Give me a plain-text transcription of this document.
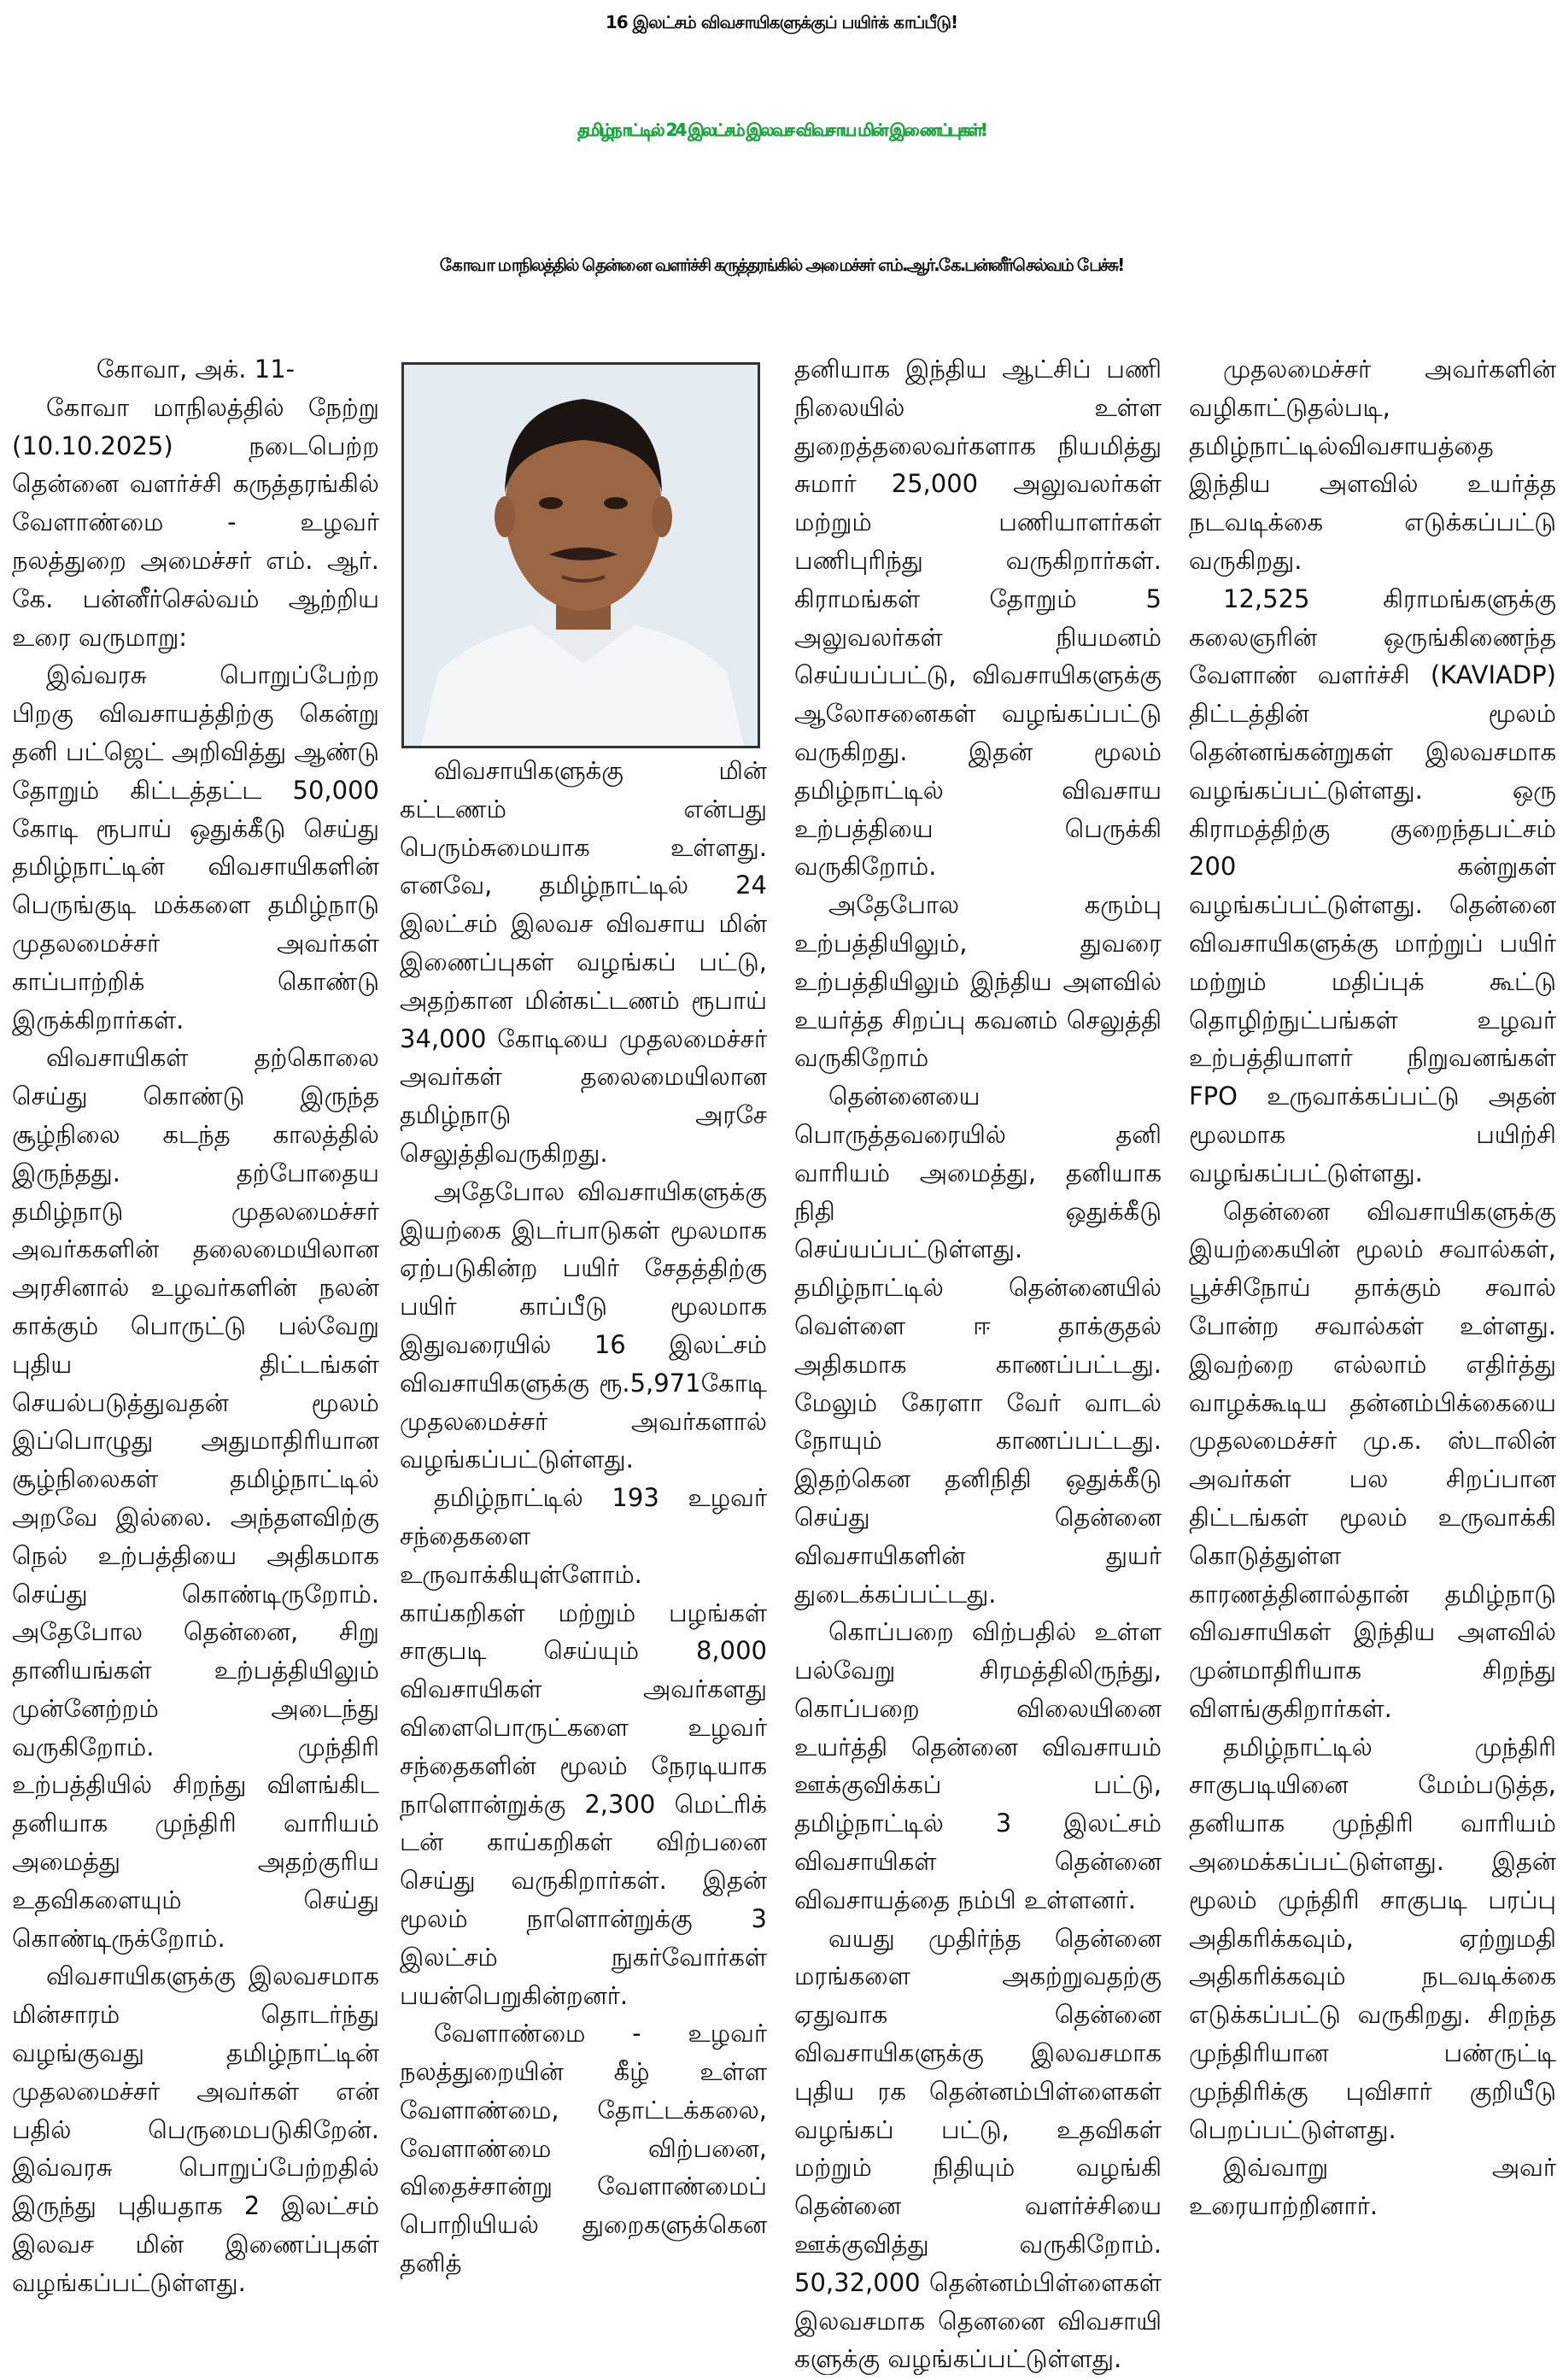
16 இலட்சம் விவசாயிகளுக்குப் பயிர்க் காப்பீடு!
தமிழ்நாட்டில் 24 இலட்சம் இலவச விவசாய மின் இணைப்புகள்!
கோவா மாநிலத்தில் தென்னை வளர்ச்சி கருத்தரங்கில் அமைச்சர் எம்.ஆர்.கே.பன்னீர்செல்வம் பேச்சு!

கோவா, அக். 11-

கோவா மாநிலத்தில் நேற்று (10.10.2025) நடைபெற்ற தென்னை வளர்ச்சி கருத்தரங்கில் வேளாண்மை - உழவர் நலத்துறை அமைச்சர் எம். ஆர். கே. பன்னீர்செல்வம் ஆற்றிய உரை வருமாறு:

இவ்வரசு பொறுப்பேற்ற பிறகு விவசாயத்திற்கு கென்று தனி பட்ஜெட் அறிவித்து ஆண்டு தோறும் கிட்டத்தட்ட 50,000 கோடி ரூபாய் ஒதுக்கீடு செய்து தமிழ்நாட்டின் விவசாயிகளின் பெருங்குடி மக்களை தமிழ்நாடு முதலமைச்சர் அவர்கள் காப்பாற்றிக் கொண்டு இருக்கிறார்கள்.

விவசாயிகள் தற்கொலை செய்து கொண்டு இருந்த சூழ்நிலை கடந்த காலத்தில் இருந்தது. தற்போதைய தமிழ்நாடு முதலமைச்சர் அவர்ககளின் தலைமையிலான அரசினால் உழவர்களின் நலன் காக்கும் பொருட்டு பல்வேறு புதிய திட்டங்கள் செயல்படுத்துவதன் மூலம் இப்பொழுது அதுமாதிரியான சூழ்நிலைகள் தமிழ்நாட்டில் அறவே இல்லை. அந்தளவிற்கு நெல் உற்பத்தியை அதிகமாக செய்து கொண்டிருறோம். அதேபோல தென்னை, சிறு தானியங்கள் உற்பத்தியிலும் முன்னேற்றம் அடைந்து வருகிறோம். முந்திரி உற்பத்தியில் சிறந்து விளங்கிட தனியாக முந்திரி வாரியம் அமைத்து அதற்குரிய உதவிகளையும் செய்து கொண்டிருக்றோம்.

விவசாயிகளுக்கு இலவசமாக மின்சாரம் தொடர்ந்து வழங்குவது தமிழ்நாட்டின் முதலமைச்சர் அவர்கள் என் பதில் பெருமைபடுகிறேன். இவ்வரசு பொறுப்பேற்றதில் இருந்து புதியதாக 2 இலட்சம் இலவச மின் இணைப்புகள் வழங்கப்பட்டுள்ளது.

விவசாயிகளுக்கு மின் கட்டணம் என்பது பெரும்சுமையாக உள்ளது. எனவே, தமிழ்நாட்டில் 24 இலட்சம் இலவச விவசாய மின் இணைப்புகள் வழங்கப் பட்டு, அதற்கான மின்கட்டணம் ரூபாய் 34,000 கோடியை முதலமைச்சர் அவர்கள் தலைமையிலான தமிழ்நாடு அரசே செலுத்திவருகிறது.

அதேபோல விவசாயிகளுக்கு இயற்கை இடர்பாடுகள் மூலமாக ஏற்படுகின்ற பயிர் சேதத்திற்கு பயிர் காப்பீடு மூலமாக இதுவரையில் 16 இலட்சம் விவசாயிகளுக்கு ரூ.5,971கோடி முதலமைச்சர் அவர்களால் வழங்கப்பட்டுள்ளது.

தமிழ்நாட்டில் 193 உழவர் சந்தைகளை உருவாக்கியுள்ளோம். காய்கறிகள் மற்றும் பழங்கள் சாகுபடி செய்யும் 8,000 விவசாயிகள் அவர்களது விளைபொருட்களை உழவர் சந்தைகளின் மூலம் நேரடியாக நாளொன்றுக்கு 2,300 மெட்ரிக் டன் காய்கறிகள் விற்பனை செய்து வருகிறார்கள். இதன் மூலம் நாளொன்றுக்கு 3 இலட்சம் நுகர்வோர்கள் பயன்பெறுகின்றனர்.

வேளாண்மை - உழவர் நலத்துறையின் கீழ் உள்ள வேளாண்மை, தோட்டக்கலை, வேளாண்மை விற்பனை, விதைச்சான்று வேளாண்மைப் பொறியியல் துறைகளுக்கென தனித்

தனியாக இந்திய ஆட்சிப் பணி நிலையில் உள்ள துறைத்தலைவர்களாக நியமித்து சுமார் 25,000 அலுவலர்கள் மற்றும் பணியாளர்கள் பணிபுரிந்து வருகிறார்கள். கிராமங்கள் தோறும் 5 அலுவலர்கள் நியமனம் செய்யப்பட்டு, விவசாயிகளுக்கு ஆலோசனைகள் வழங்கப்பட்டு வருகிறது. இதன் மூலம் தமிழ்நாட்டில் விவசாய உற்பத்தியை பெருக்கி வருகிறோம்.

அதேபோல கரும்பு உற்பத்தியிலும், துவரை உற்பத்தியிலும் இந்திய அளவில் உயர்த்த சிறப்பு கவனம் செலுத்தி வருகிறோம்

தென்னையை பொருத்தவரையில் தனி வாரியம் அமைத்து, தனியாக நிதி ஒதுக்கீடு செய்யப்பட்டுள்ளது. தமிழ்நாட்டில் தென்னையில் வெள்ளை ஈ தாக்குதல் அதிகமாக காணப்பட்டது. மேலும் கேரளா வேர் வாடல் நோயும் காணப்பட்டது. இதற்கென தனிநிதி ஒதுக்கீடு செய்து தென்னை விவசாயிகளின் துயர் துடைக்கப்பட்டது.

கொப்பறை விற்பதில் உள்ள பல்வேறு சிரமத்திலிருந்து, கொப்பறை விலையினை உயர்த்தி தென்னை விவசாயம் ஊக்குவிக்கப் பட்டு, தமிழ்நாட்டில் 3 இலட்சம் விவசாயிகள் தென்னை விவசாயத்தை நம்பி உள்ளனர்.

வயது முதிர்ந்த தென்னை மரங்களை அகற்றுவதற்கு ஏதுவாக தென்னை விவசாயிகளுக்கு இலவசமாக புதிய ரக தென்னம்பிள்ளைகள் வழங்கப் பட்டு, உதவிகள் மற்றும் நிதியும் வழங்கி தென்னை வளர்ச்சியை ஊக்குவித்து வருகிறோம். 50,32,000 தென்னம்பிள்ளைகள் இலவசமாக தெனனை விவசாயி களுக்கு வழங்கப்பட்டுள்ளது.

முதலமைச்சர் அவர்களின் வழிகாட்டுதல்படி, தமிழ்நாட்டில்விவசாயத்தை இந்திய அளவில் உயர்த்த நடவடிக்கை எடுக்கப்பட்டு வருகிறது.

12,525 கிராமங்களுக்கு கலைஞரின் ஒருங்கிணைந்த வேளாண் வளர்ச்சி (KAVIADP) திட்டத்தின் மூலம் தென்னங்கன்றுகள் இலவசமாக வழங்கப்பட்டுள்ளது. ஒரு கிராமத்திற்கு குறைந்தபட்சம் 200 கன்றுகள் வழங்கப்பட்டுள்ளது. தென்னை விவசாயிகளுக்கு மாற்றுப் பயிர் மற்றும் மதிப்புக் கூட்டு தொழிற்நுட்பங்கள் உழவர் உற்பத்தியாளர் நிறுவனங்கள் FPO உருவாக்கப்பட்டு அதன் மூலமாக பயிற்சி வழங்கப்பட்டுள்ளது.

தென்னை விவசாயிகளுக்கு இயற்கையின் மூலம் சவால்கள், பூச்சிநோய் தாக்கும் சவால் போன்ற சவால்கள் உள்ளது. இவற்றை எல்லாம் எதிர்த்து வாழக்கூடிய தன்னம்பிக்கையை முதலமைச்சர் மு.க. ஸ்டாலின் அவர்கள் பல சிறப்பான திட்டங்கள் மூலம் உருவாக்கி கொடுத்துள்ள காரணத்தினால்தான் தமிழ்நாடு விவசாயிகள் இந்திய அளவில் முன்மாதிரியாக சிறந்து விளங்குகிறார்கள்.

தமிழ்நாட்டில் முந்திரி சாகுபடியினை மேம்படுத்த, தனியாக முந்திரி வாரியம் அமைக்கப்பட்டுள்ளது. இதன் மூலம் முந்திரி சாகுபடி பரப்பு அதிகரிக்கவும், ஏற்றுமதி அதிகரிக்கவும் நடவடிக்கை எடுக்கப்பட்டு வருகிறது. சிறந்த முந்திரியான பண்ருட்டி முந்திரிக்கு புவிசார் குறியீடு பெறப்பட்டுள்ளது.

இவ்வாறு அவர் உரையாற்றினார்.
